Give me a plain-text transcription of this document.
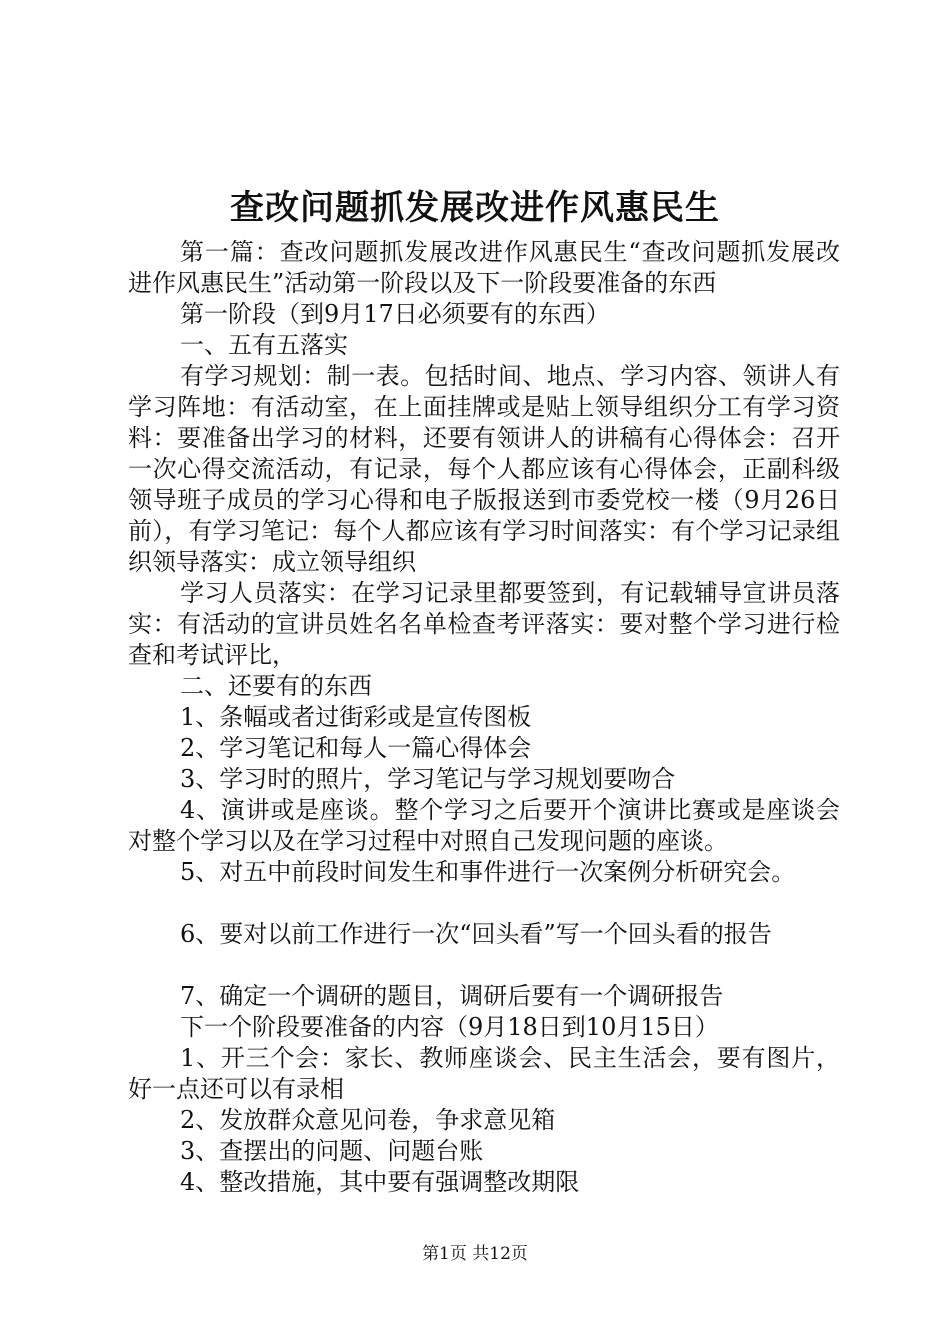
查改问题抓发展改进作风惠民生

第一篇：查改问题抓发展改进作风惠民生“查改问题抓发展改进作风惠民生”活动第一阶段以及下一阶段要准备的东西

第一阶段（到9月17日必须要有的东西）

一、五有五落实

有学习规划：制一表。包括时间、地点、学习内容、领讲人有学习阵地：有活动室，在上面挂牌或是贴上领导组织分工有学习资料：要准备出学习的材料，还要有领讲人的讲稿有心得体会：召开一次心得交流活动，有记录，每个人都应该有心得体会，正副科级领导班子成员的学习心得和电子版报送到市委党校一楼（9月26日前），有学习笔记：每个人都应该有学习时间落实：有个学习记录组织领导落实：成立领导组织

学习人员落实：在学习记录里都要签到，有记载辅导宣讲员落实：有活动的宣讲员姓名名单检查考评落实：要对整个学习进行检查和考试评比，

二、还要有的东西

1、条幅或者过街彩或是宣传图板

2、学习笔记和每人一篇心得体会

3、学习时的照片，学习笔记与学习规划要吻合

4、演讲或是座谈。整个学习之后要开个演讲比赛或是座谈会对整个学习以及在学习过程中对照自己发现问题的座谈。

5、对五中前段时间发生和事件进行一次案例分析研究会。

6、要对以前工作进行一次“回头看”写一个回头看的报告

7、确定一个调研的题目，调研后要有一个调研报告

下一个阶段要准备的内容（9月18日到10月15日）

1、开三个会：家长、教师座谈会、民主生活会，要有图片，好一点还可以有录相

2、发放群众意见问卷，争求意见箱

3、查摆出的问题、问题台账

4、整改措施，其中要有强调整改期限

第1页 共12页
